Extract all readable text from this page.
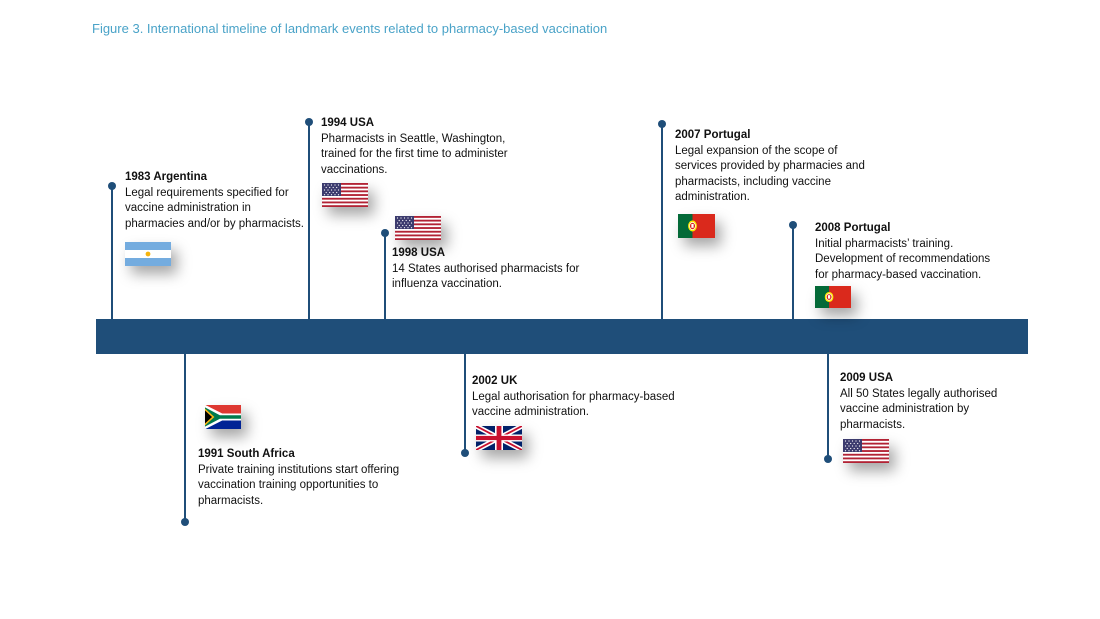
Figure 3. International timeline of landmark events related to pharmacy-based vaccination
1983 Argentina
Legal requirements specified for
vaccine administration in
pharmacies and/or by pharmacists.
1991 South Africa
Private training institutions start offering
vaccination training opportunities to
pharmacists.
1994 USA
Pharmacists in Seattle, Washington,
trained for the first time to administer
vaccinations.
1998 USA
14 States authorised pharmacists for
influenza vaccination.
2002 UK
Legal authorisation for pharmacy-based
vaccine administration.
2007 Portugal
Legal expansion of the scope of
services provided by pharmacies and
pharmacists, including vaccine
administration.
2008 Portugal
Initial pharmacists’ training.
Development of recommendations
for pharmacy-based vaccination.
2009 USA
All 50 States legally authorised
vaccine administration by
pharmacists.
